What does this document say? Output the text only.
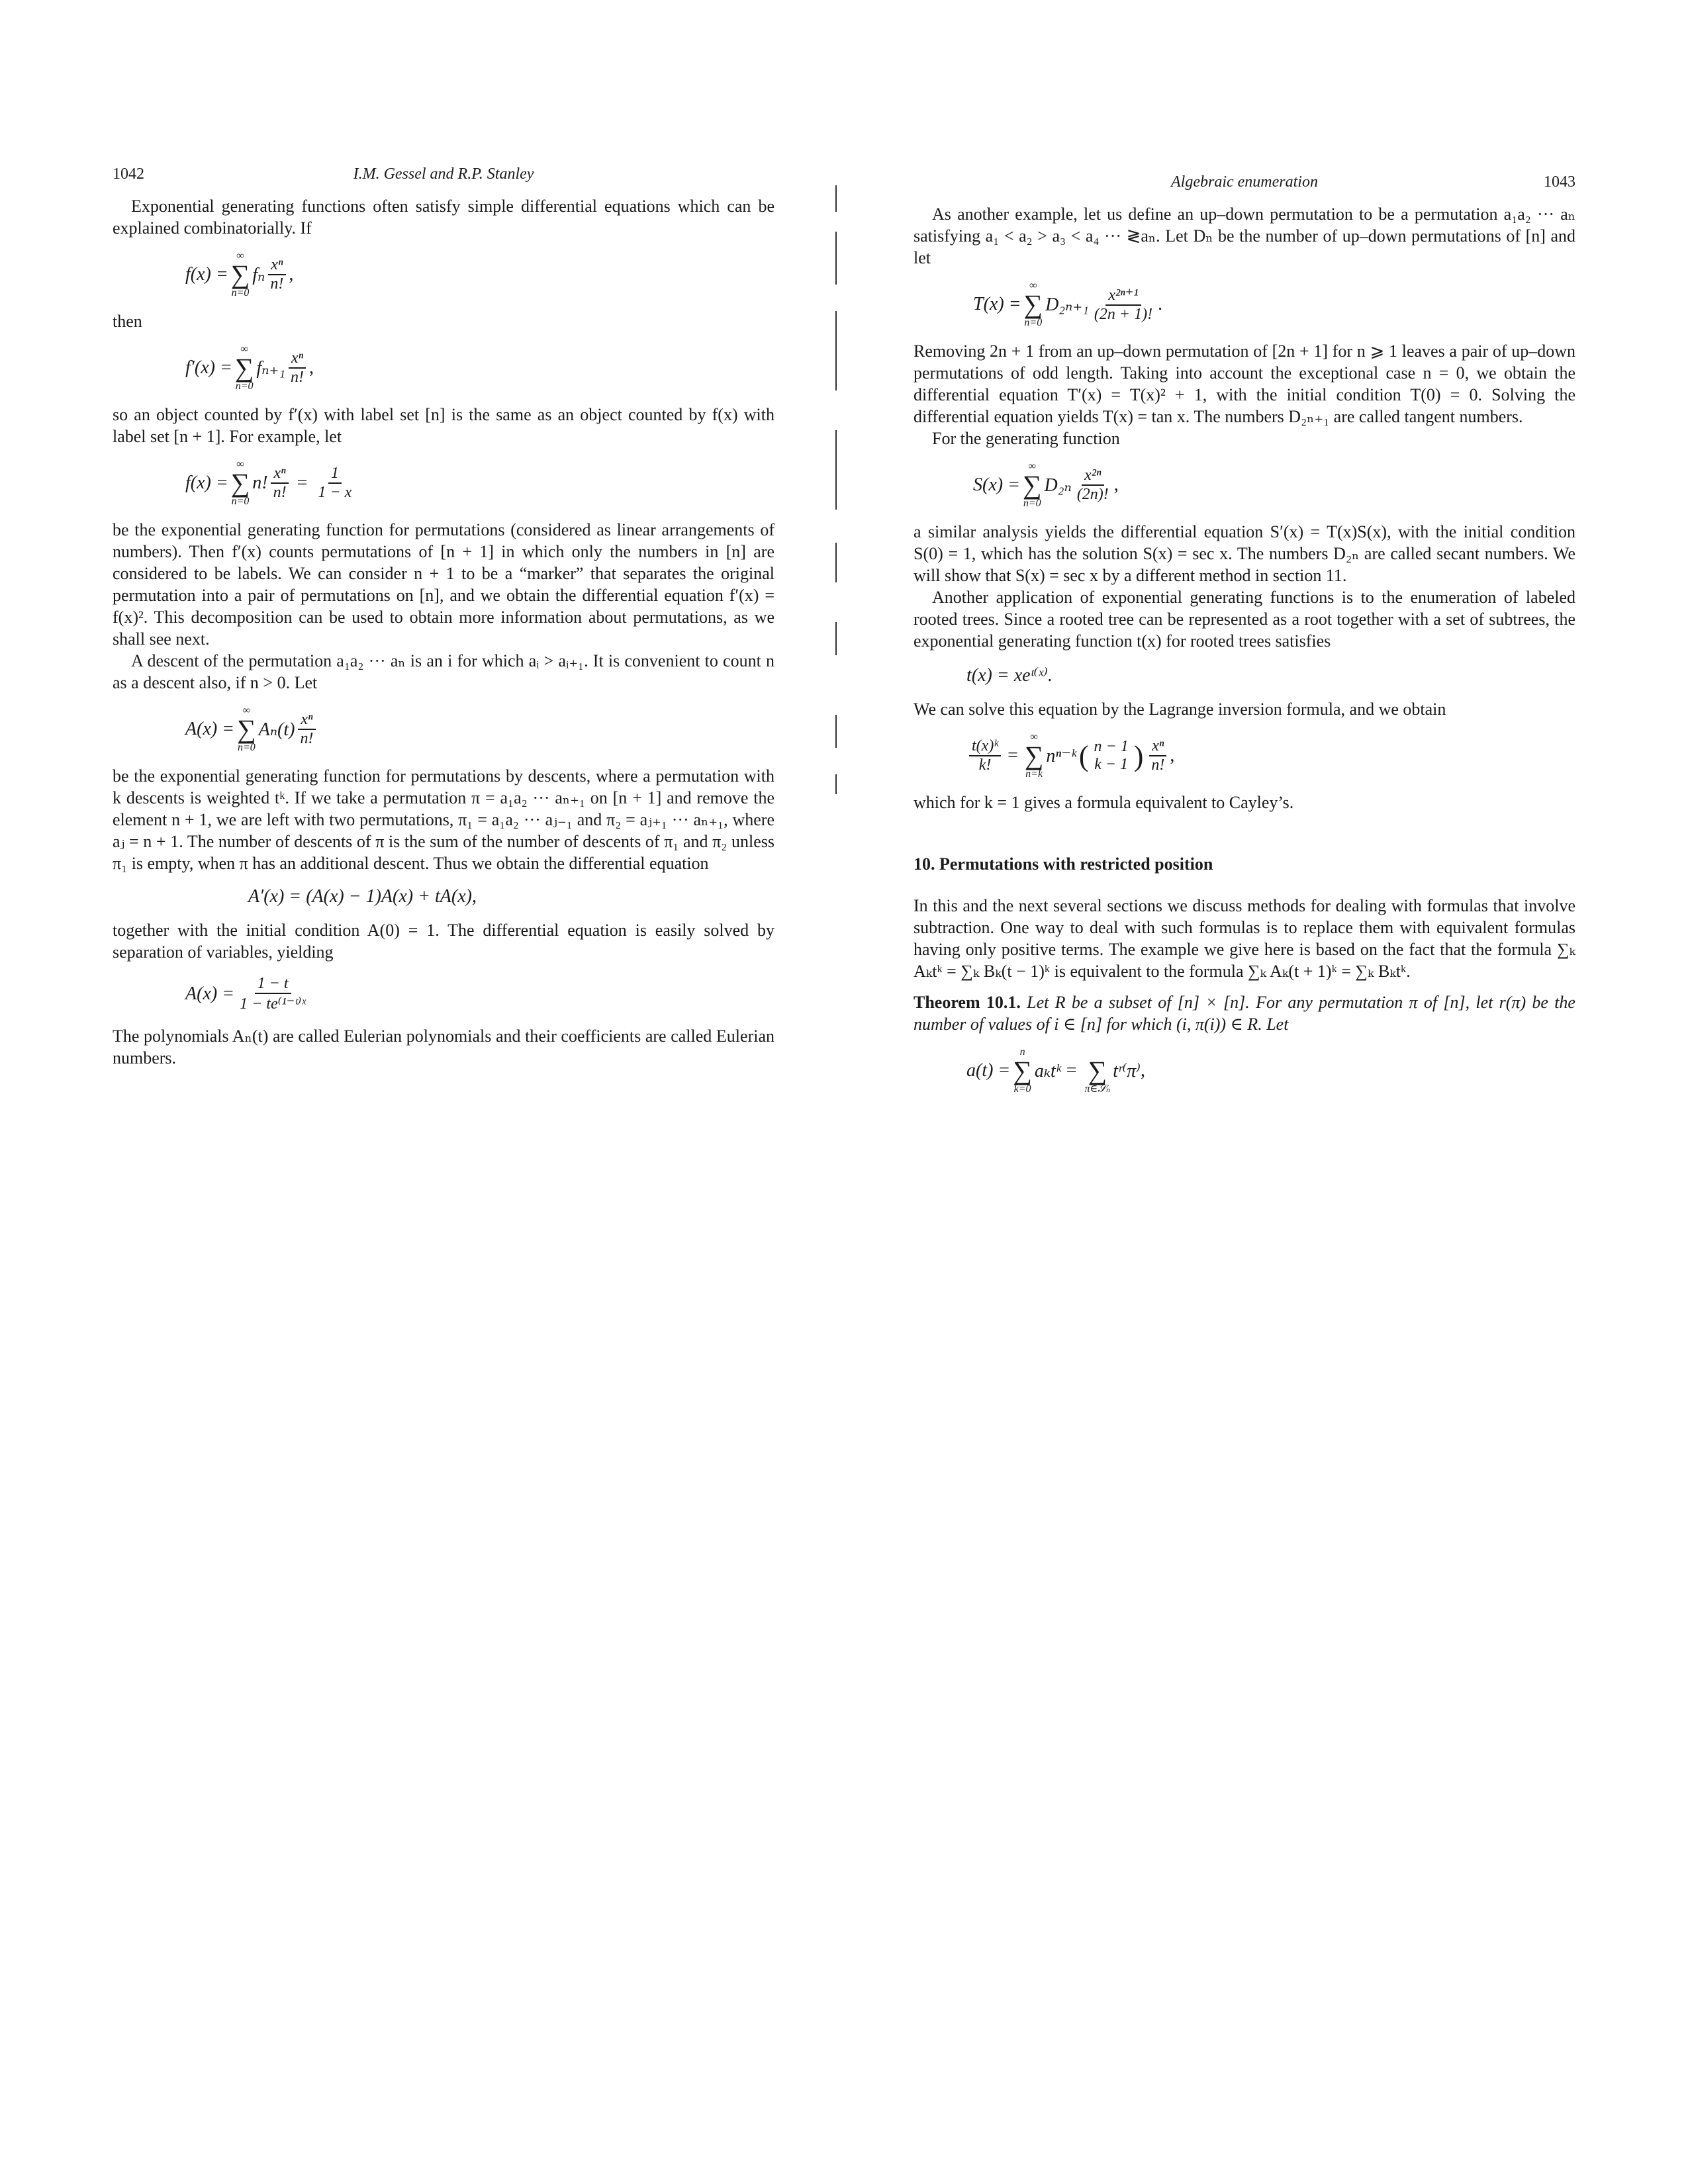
1042	I.M. Gessel and R.P. Stanley

Exponential generating functions often satisfy simple differential equations which can be explained combinatorially. If

f(x) =
∞
∑
n=0
fₙ $\frac{\text{xⁿ}}{n!}$ ,

then

f′(x) =
∞
∑
n=0
$f_{n+1} \frac{\text{xⁿ}}{n!}$ ,

so an object counted by f′(x) with label set [n] is the same as an object counted by f(x) with label set [n + 1]. For example, let

f(x) =
∞
∑
n=0
n! $\frac{\text{xⁿ}}{n!} = \frac{1}{1 - x}$

be the exponential generating function for permutations (considered as linear arrangements of numbers). Then f′(x) counts permutations of [n + 1] in which only the numbers in [n] are considered to be labels. We can consider n + 1 to be a “marker” that separates the original permutation into a pair of permutations on [n], and we obtain the differential equation f′(x) = f(x)². This decomposition can be used to obtain more information about permutations, as we shall see next.

A descent of the permutation a₁a₂ ··· aₙ is an i for which aᵢ > aᵢ₊₁. It is convenient to count n as a descent also, if n > 0. Let

A(x) =
∞
∑
n=0
$A_n(t) \frac{\text{xⁿ}}{n!}$

be the exponential generating function for permutations by descents, where a permutation with k descents is weighted tᵏ. If we take a permutation π = a₁a₂ ··· aₙ₊₁ on [n + 1] and remove the element n + 1, we are left with two permutations, π₁ = a₁a₂ ··· aⱼ₋₁ and π₂ = aⱼ₊₁ ··· aₙ₊₁, where aⱼ = n + 1. The number of descents of π is the sum of the number of descents of π₁ and π₂ unless π₁ is empty, when π has an additional descent. Thus we obtain the differential equation

A′(x) = (A(x) − 1)A(x) + tA(x),

together with the initial condition A(0) = 1. The differential equation is easily solved by separation of variables, yielding

$A(x) = \frac{1 - t}{\text{1 − te⁽¹⁻ᵗ⁾ˣ}}$

The polynomials Aₙ(t) are called Eulerian polynomials and their coefficients are called Eulerian numbers.

Algebraic enumeration	1043

As another example, let us define an up–down permutation to be a permutation a₁a₂ ··· aₙ satisfying a₁ < a₂ > a₃ < a₄ ··· ≷aₙ. Let Dₙ be the number of up–down permutations of [n] and let

T(x) =
∞
∑
n=0
$D_{2n+1} \frac{\text{x²ⁿ⁺¹}}{(2n + 1)!}$ .

Removing 2n + 1 from an up–down permutation of [2n + 1] for n ⩾ 1 leaves a pair of up–down permutations of odd length. Taking into account the exceptional case n = 0, we obtain the differential equation T′(x) = T(x)² + 1, with the initial condition T(0) = 0. Solving the differential equation yields T(x) = tan x. The numbers D₂ₙ₊₁ are called tangent numbers.

For the generating function

S(x) =
∞
∑
n=0
$D_{2n} \frac{\text{x²ⁿ}}{(2n)!}$ ,

a similar analysis yields the differential equation S′(x) = T(x)S(x), with the initial condition S(0) = 1, which has the solution S(x) = sec x. The numbers D₂ₙ are called secant numbers. We will show that S(x) = sec x by a different method in section 11.

Another application of exponential generating functions is to the enumeration of labeled rooted trees. Since a rooted tree can be represented as a root together with a set of subtrees, the exponential generating function t(x) for rooted trees satisfies

t(x) = xeᵗ⁽ˣ⁾.

We can solve this equation by the Lagrange inversion formula, and we obtain

$\frac{\text{t(x)ᵏ}}{k!}$ =
∞
∑
n=k
nⁿ⁻ᵏ ( n − 1
k − 1 ) $\frac{\text{xⁿ}}{n!}$ ,

which for k = 1 gives a formula equivalent to Cayley’s.

10. Permutations with restricted position

In this and the next several sections we discuss methods for dealing with formulas that involve subtraction. One way to deal with such formulas is to replace them with equivalent formulas having only positive terms. The example we give here is based on the fact that the formula ∑ₖ Aₖtᵏ = ∑ₖ Bₖ(t − 1)ᵏ is equivalent to the formula ∑ₖ Aₖ(t + 1)ᵏ = ∑ₖ Bₖtᵏ.

Theorem 10.1. Let R be a subset of [n] × [n]. For any permutation π of [n], let r(π) be the number of values of i ∈ [n] for which (i, π(i)) ∈ R. Let

a(t) =
n
∑
k=0
aₖtᵏ =
∑
π∈𝒮ₙ
tʳ⁽π⁾ ,
